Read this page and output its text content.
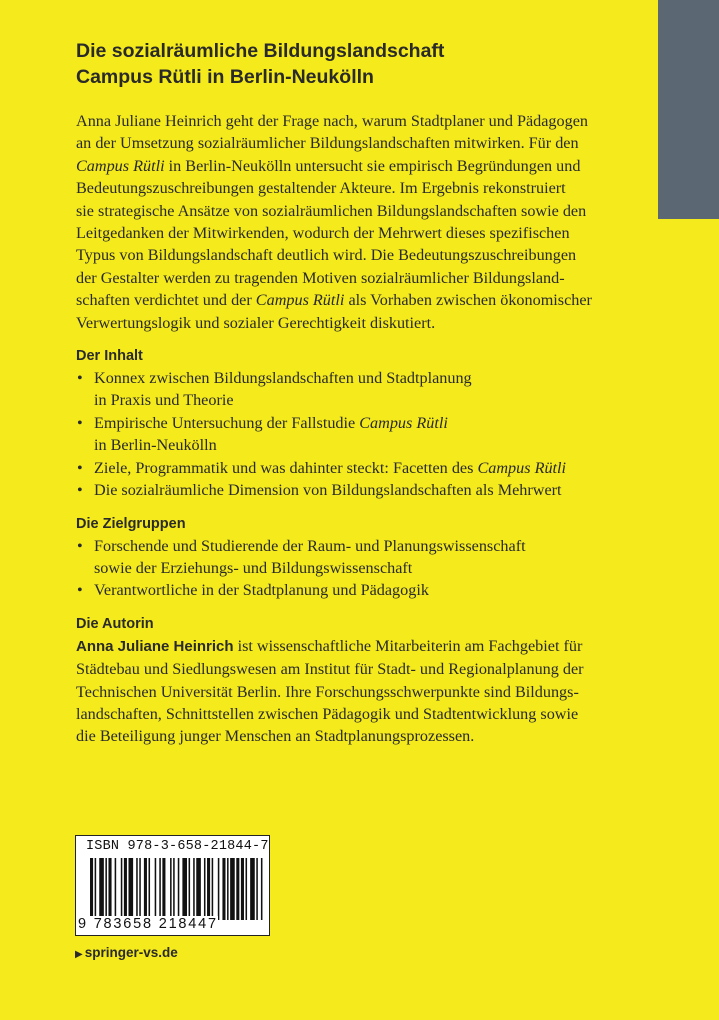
Die sozialräumliche Bildungslandschaft
Campus Rütli in Berlin-Neukölln

Anna Juliane Heinrich geht der Frage nach, warum Stadtplaner und Pädagogen
an der Umsetzung sozialräumlicher Bildungslandschaften mitwirken. Für den
Campus Rütli in Berlin-Neukölln untersucht sie empirisch Begründungen und
Bedeutungszuschreibungen gestaltender Akteure. Im Ergebnis rekonstruiert
sie strategische Ansätze von sozialräumlichen Bildungslandschaften sowie den
Leitgedanken der Mitwirkenden, wodurch der Mehrwert dieses spezifischen
Typus von Bildungslandschaft deutlich wird. Die Bedeutungszuschreibungen
der Gestalter werden zu tragenden Motiven sozialräumlicher Bildungsland-
schaften verdichtet und der Campus Rütli als Vorhaben zwischen ökonomischer
Verwertungslogik und sozialer Gerechtigkeit diskutiert.

Der Inhalt
• Konnex zwischen Bildungslandschaften und Stadtplanung
in Praxis und Theorie
• Empirische Untersuchung der Fallstudie Campus Rütli
in Berlin-Neukölln
• Ziele, Programmatik und was dahinter steckt: Facetten des Campus Rütli
• Die sozialräumliche Dimension von Bildungslandschaften als Mehrwert
Die Zielgruppen
• Forschende und Studierende der Raum- und Planungswissenschaft
sowie der Erziehungs- und Bildungswissenschaft
• Verantwortliche in der Stadtplanung und Pädagogik
Die Autorin

Anna Juliane Heinrich ist wissenschaftliche Mitarbeiterin am Fachgebiet für
Städtebau und Siedlungswesen am Institut für Stadt- und Regionalplanung der
Technischen Universität Berlin. Ihre Forschungsschwerpunkte sind Bildungs-
landschaften, Schnittstellen zwischen Pädagogik und Stadtentwicklung sowie
die Beteiligung junger Menschen an Stadtplanungsprozessen.

ISBN 978-3-658-21844-7
9 783658 218447
▶ springer-vs.de
